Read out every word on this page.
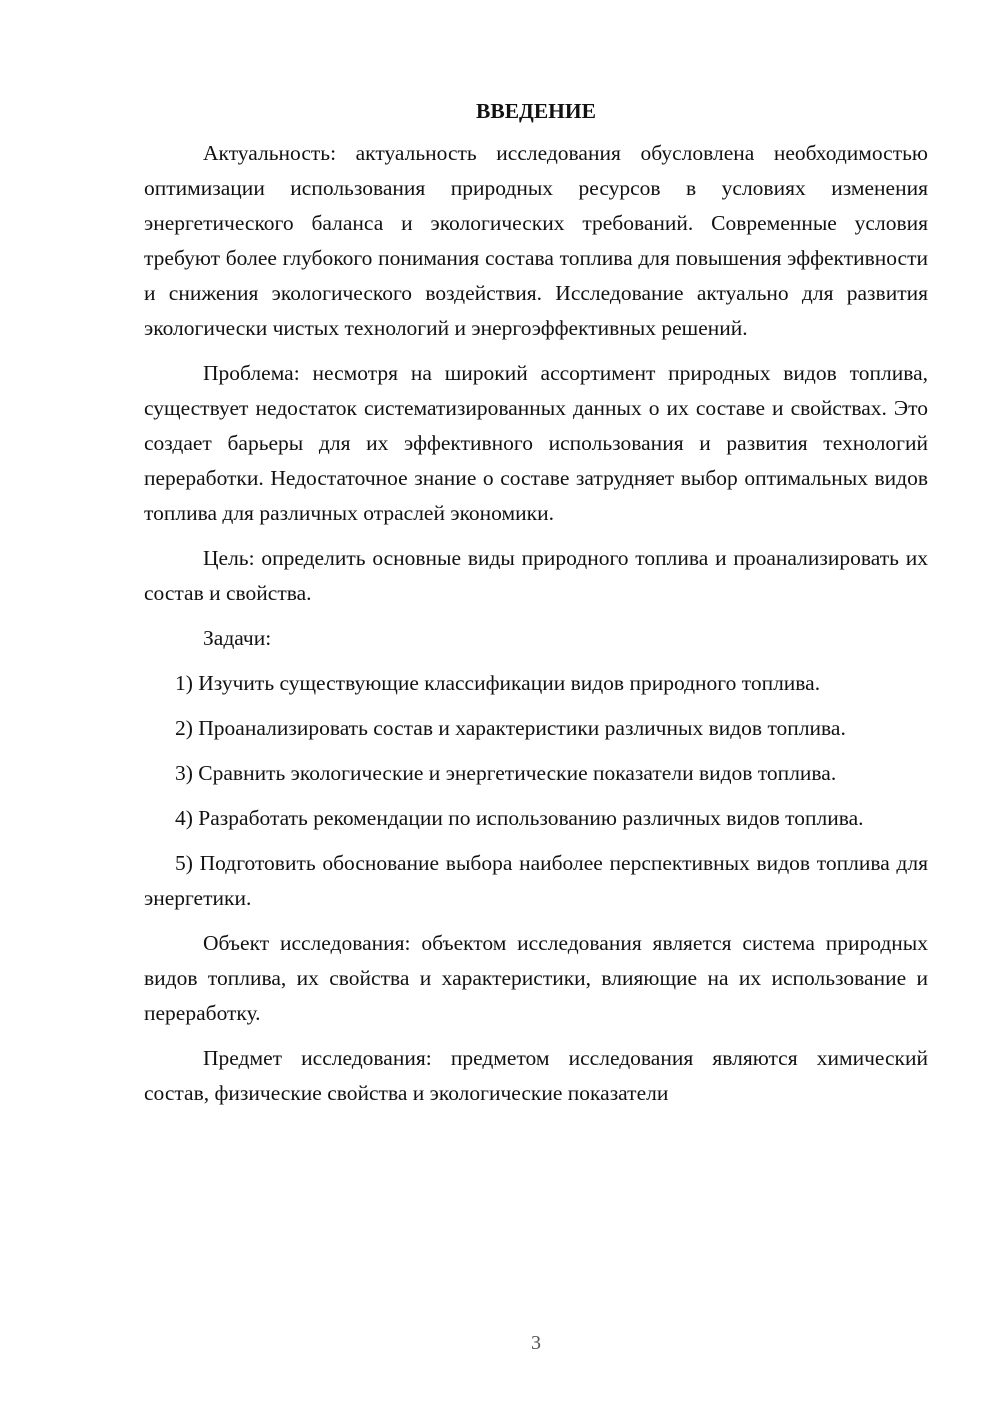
ВВЕДЕНИЕ

Актуальность: актуальность исследования обусловлена необходимостью оптимизации использования природных ресурсов в условиях изменения энергетического баланса и экологических требований. Современные условия требуют более глубокого понимания состава топлива для повышения эффективности и снижения экологического воздействия. Исследование актуально для развития экологически чистых технологий и энергоэффективных решений.

Проблема: несмотря на широкий ассортимент природных видов топлива, существует недостаток систематизированных данных о их составе и свойствах. Это создает барьеры для их эффективного использования и развития технологий переработки. Недостаточное знание о составе затрудняет выбор оптимальных видов топлива для различных отраслей экономики.

Цель: определить основные виды природного топлива и проанализировать их состав и свойства.

Задачи:

1) Изучить существующие классификации видов природного топлива.

2) Проанализировать состав и характеристики различных видов топлива.

3) Сравнить экологические и энергетические показатели видов топлива.

4) Разработать рекомендации по использованию различных видов топлива.

5) Подготовить обоснование выбора наиболее перспективных видов топлива для энергетики.

Объект исследования: объектом исследования является система природных видов топлива, их свойства и характеристики, влияющие на их использование и переработку.

Предмет исследования: предметом исследования являются химический состав, физические свойства и экологические показатели

3
